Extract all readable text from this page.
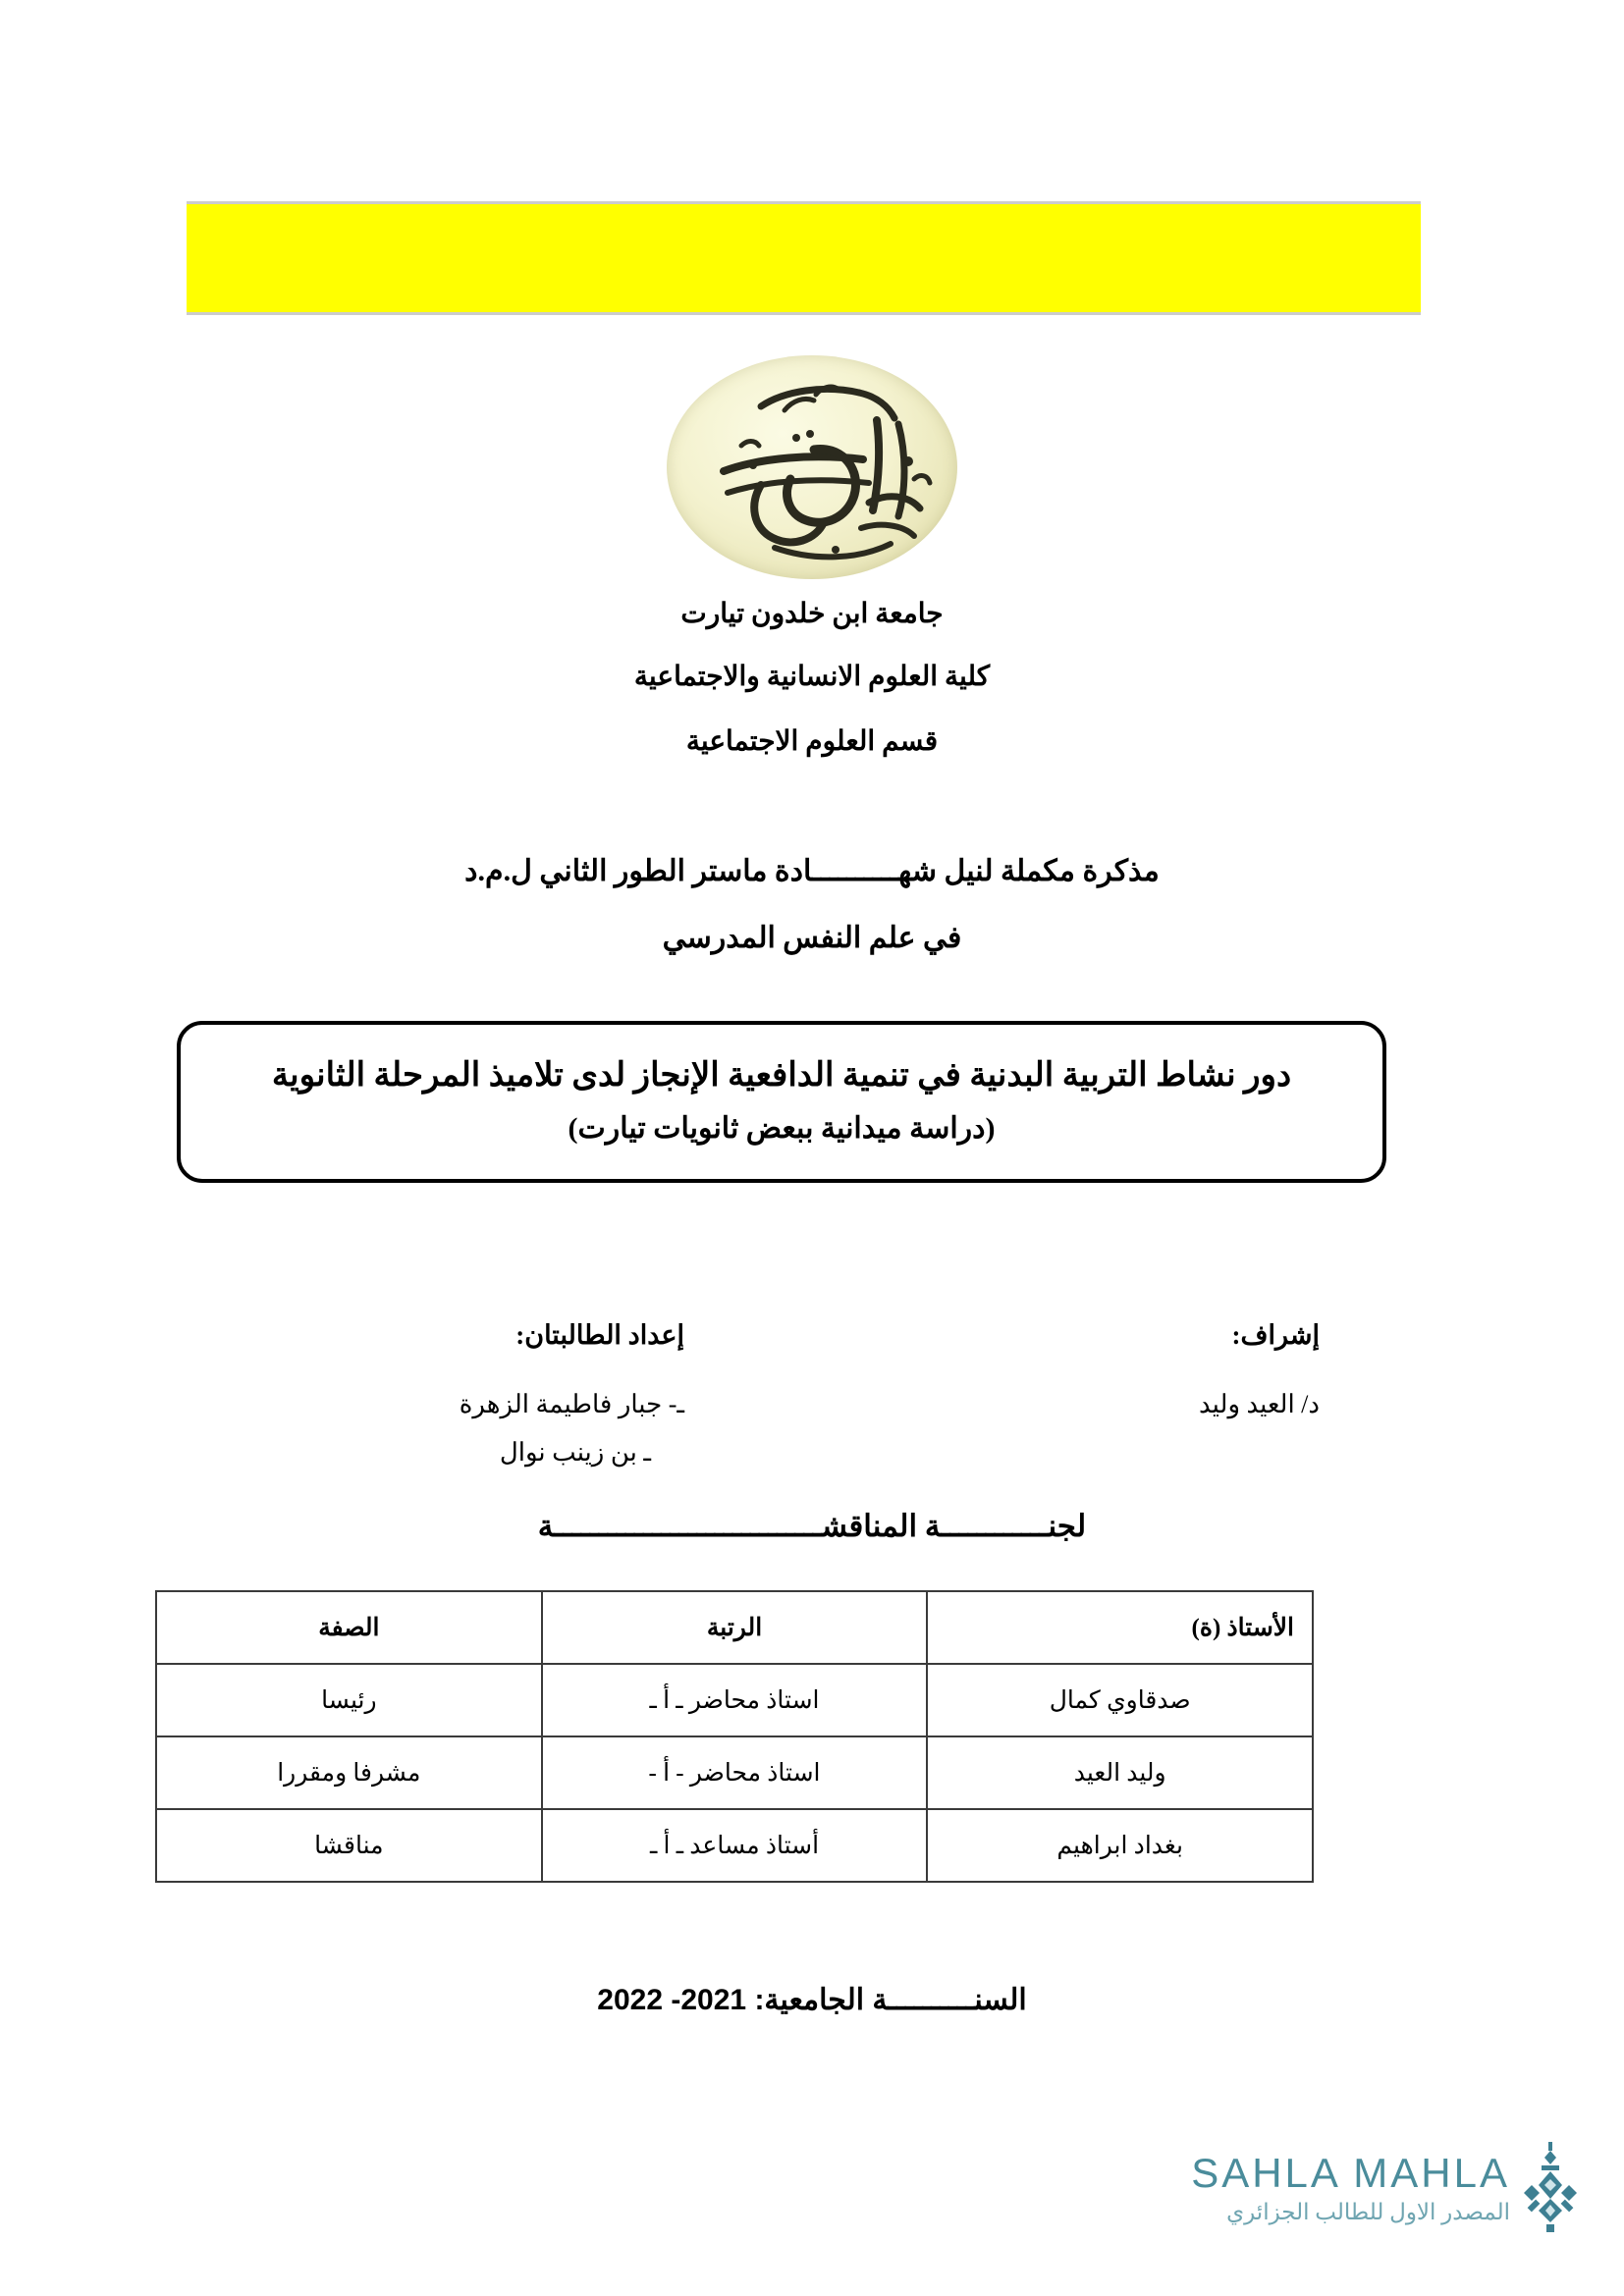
جامعة ابن خلدون تيارت
كلية العلوم الانسانية والاجتماعية
قسم العلوم الاجتماعية
مذكرة مكملة لنيل شهــــــــــادة ماستر الطور الثاني ل.م.د
في علم النفس المدرسي
دور نشاط التربية البدنية في تنمية الدافعية الإنجاز لدى تلاميذ المرحلة الثانوية
(دراسة ميدانية ببعض ثانويات تيارت)
إشراف:
د/ العيد وليد
إعداد الطالبتان:
ـ- جبار فاطيمة الزهرة
ـ بن زينب نوال
لجنــــــــــــة المناقشــــــــــــــــــــــــــــــة
الأستاذ (ة)	الرتبة	الصفة
صدقاوي كمال	استاذ محاضر ـ أ ـ	رئيسا
وليد العيد	استاذ محاضر - أ -	مشرفا ومقررا
بغداد ابراهيم	أستاذ مساعد ـ أ ـ	مناقشا
السنــــــــــة الجامعية: 2021- 2022
SAHLA MAHLA
المصدر الاول للطالب الجزائري
